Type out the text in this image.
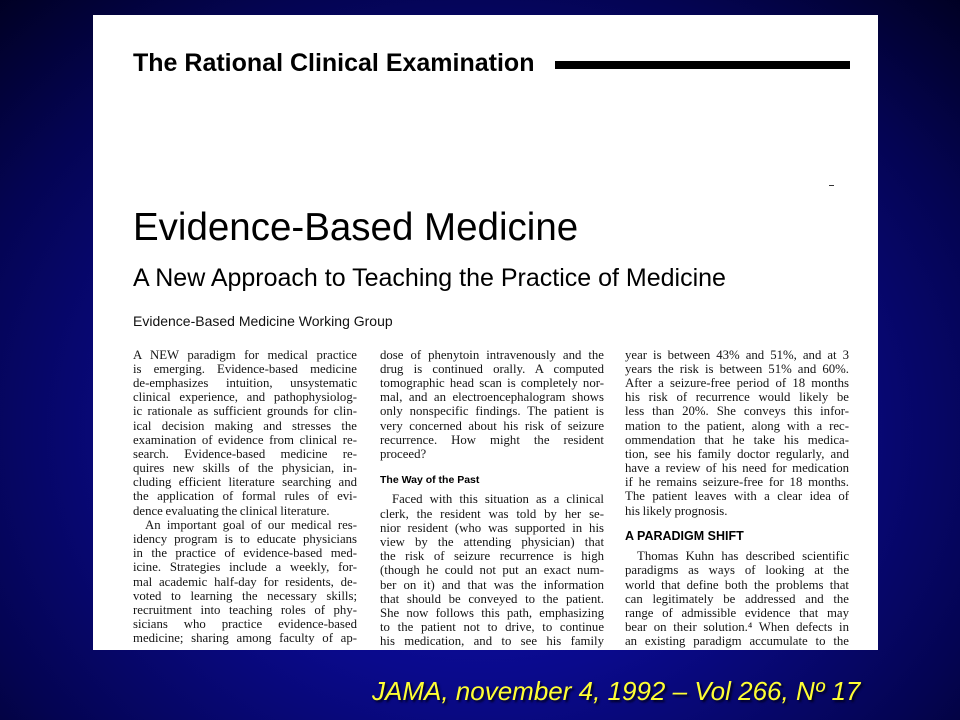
The Rational Clinical Examination
Evidence-Based Medicine
A New Approach to Teaching the Practice of Medicine
Evidence-Based Medicine Working Group
A NEW paradigm for medical practice
is emerging. Evidence-based medicine
de-emphasizes intuition, unsystematic
clinical experience, and pathophysiolog-
ic rationale as sufficient grounds for clin-
ical decision making and stresses the
examination of evidence from clinical re-
search. Evidence-based medicine re-
quires new skills of the physician, in-
cluding efficient literature searching and
the application of formal rules of evi-
dence evaluating the clinical literature.
An important goal of our medical res-
idency program is to educate physicians
in the practice of evidence-based med-
icine. Strategies include a weekly, for-
mal academic half-day for residents, de-
voted to learning the necessary skills;
recruitment into teaching roles of phy-
sicians who practice evidence-based
medicine; sharing among faculty of ap-
dose of phenytoin intravenously and the
drug is continued orally. A computed
tomographic head scan is completely nor-
mal, and an electroencephalogram shows
only nonspecific findings. The patient is
very concerned about his risk of seizure
recurrence. How might the resident
proceed?
The Way of the Past
Faced with this situation as a clinical
clerk, the resident was told by her se-
nior resident (who was supported in his
view by the attending physician) that
the risk of seizure recurrence is high
(though he could not put an exact num-
ber on it) and that was the information
that should be conveyed to the patient.
She now follows this path, emphasizing
to the patient not to drive, to continue
his medication, and to see his family
year is between 43% and 51%, and at 3
years the risk is between 51% and 60%.
After a seizure-free period of 18 months
his risk of recurrence would likely be
less than 20%. She conveys this infor-
mation to the patient, along with a rec-
ommendation that he take his medica-
tion, see his family doctor regularly, and
have a review of his need for medication
if he remains seizure-free for 18 months.
The patient leaves with a clear idea of
his likely prognosis.
A PARADIGM SHIFT
Thomas Kuhn has described scientific
paradigms as ways of looking at the
world that define both the problems that
can legitimately be addressed and the
range of admissible evidence that may
bear on their solution.⁴ When defects in
an existing paradigm accumulate to the
JAMA, november 4, 1992 – Vol 266, Nº 17
